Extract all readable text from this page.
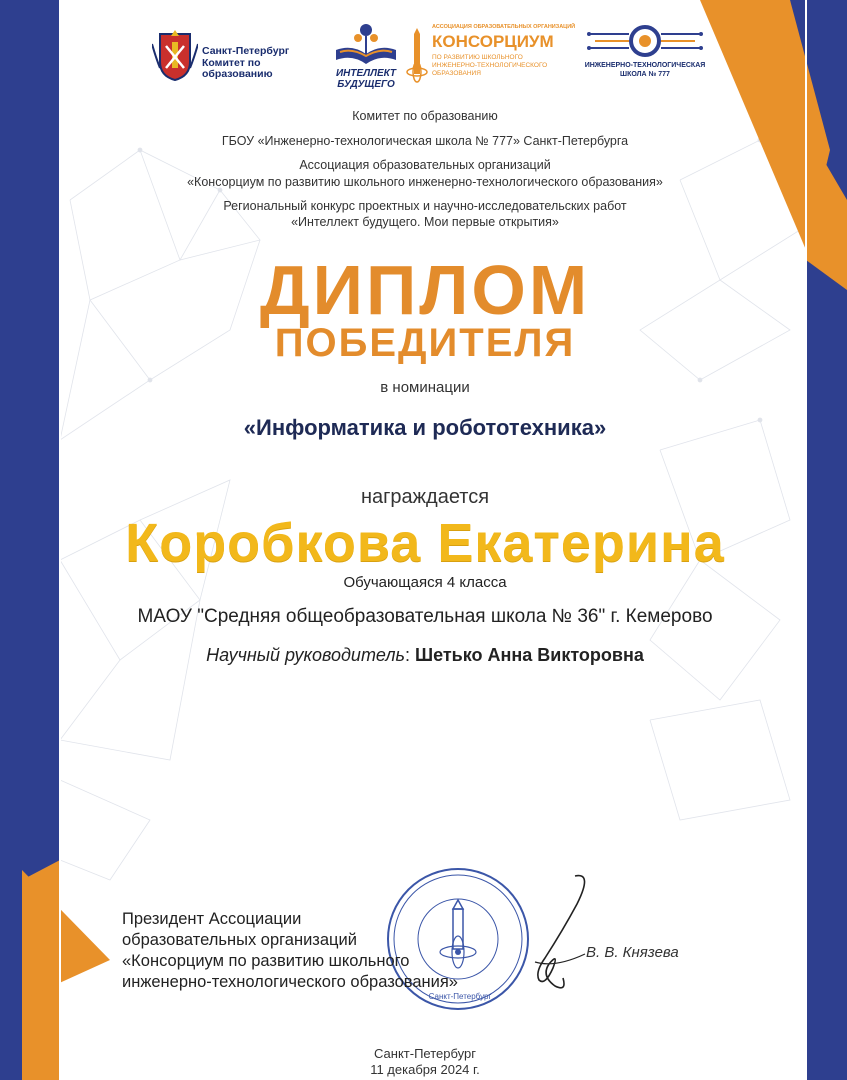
Санкт-Петербург
Комитет по образованию	ИНТЕЛЛЕКТ
БУДУЩЕГО
АССОЦИАЦИЯ ОБРАЗОВАТЕЛЬНЫХ ОРГАНИЗАЦИЙ
КОНСОРЦИУМ
ПО РАЗВИТИЮ ШКОЛЬНОГО
ИНЖЕНЕРНО-ТЕХНОЛОГИЧЕСКОГО
ОБРАЗОВАНИЯ
ИНЖЕНЕРНО-ТЕХНОЛОГИЧЕСКАЯ
ШКОЛА № 777
Комитет по образованию
ГБОУ «Инженерно-технологическая школа № 777» Санкт-Петербурга
Ассоциация образовательных организаций
«Консорциум по развитию школьного инженерно-технологического образования»
Региональный конкурс проектных и научно-исследовательских работ
«Интеллект будущего. Мои первые открытия»
ДИПЛОМ
ПОБЕДИТЕЛЯ
в номинации
«Информатика и робототехника»
награждается
Коробкова Екатерина
Обучающаяся 4 класса
МАОУ "Средняя общеобразовательная школа № 36" г. Кемерово
Научный руководитель: Шетько Анна Викторовна
Санкт-Петербург
Президент Ассоциации
образовательных организаций
«Консорциум по развитию школьного
инженерно-технологического образования»
В. В. Князева
Санкт-Петербург
11 декабря 2024 г.
